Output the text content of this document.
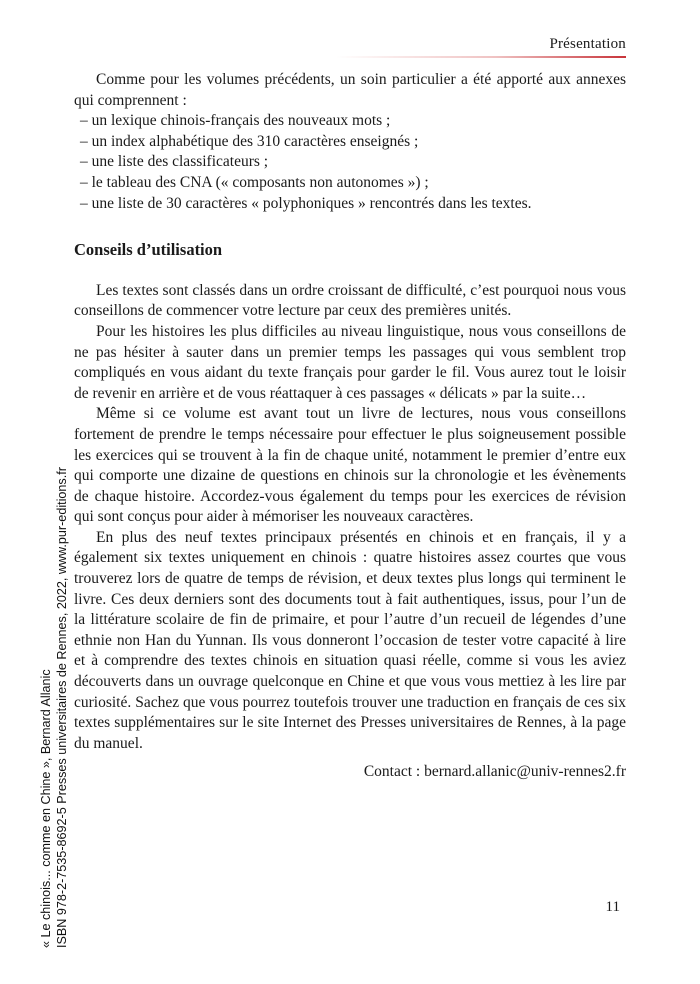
Présentation

Comme pour les volumes précédents, un soin particulier a été apporté aux annexes qui comprennent :

– un lexique chinois-français des nouveaux mots ;
– un index alphabétique des 310 caractères enseignés ;
– une liste des classificateurs ;
– le tableau des CNA (« composants non autonomes ») ;
– une liste de 30 caractères « polyphoniques » rencontrés dans les textes.
Conseils d’utilisation

Les textes sont classés dans un ordre croissant de difficulté, c’est pourquoi nous vous conseillons de commencer votre lecture par ceux des premières unités.

Pour les histoires les plus difficiles au niveau linguistique, nous vous conseillons de ne pas hésiter à sauter dans un premier temps les passages qui vous semblent trop compliqués en vous aidant du texte français pour garder le fil. Vous aurez tout le loisir de revenir en arrière et de vous réattaquer à ces passages « délicats » par la suite…

Même si ce volume est avant tout un livre de lectures, nous vous conseillons fortement de prendre le temps nécessaire pour effectuer le plus soigneusement possible les exercices qui se trouvent à la fin de chaque unité, notamment le premier d’entre eux qui comporte une dizaine de questions en chinois sur la chronologie et les évènements de chaque histoire. Accordez-vous également du temps pour les exercices de révision qui sont conçus pour aider à mémoriser les nouveaux caractères.

En plus des neuf textes principaux présentés en chinois et en français, il y a également six textes uniquement en chinois : quatre histoires assez courtes que vous trouverez lors de quatre de temps de révision, et deux textes plus longs qui terminent le livre. Ces deux derniers sont des documents tout à fait authentiques, issus, pour l’un de la littérature scolaire de fin de primaire, et pour l’autre d’un recueil de légendes d’une ethnie non Han du Yunnan. Ils vous donneront l’occasion de tester votre capacité à lire et à comprendre des textes chinois en situation quasi réelle, comme si vous les aviez découverts dans un ouvrage quelconque en Chine et que vous vous mettiez à les lire par curiosité. Sachez que vous pourrez toutefois trouver une traduction en français de ces six textes supplémentaires sur le site Internet des Presses universitaires de Rennes, à la page du manuel.

Contact : bernard.allanic@univ-rennes2.fr

11
« Le chinois... comme en Chine », Bernard Allanic ISBN 978-2-7535-8692-5 Presses universitaires de Rennes, 2022, www.pur-editions.fr
